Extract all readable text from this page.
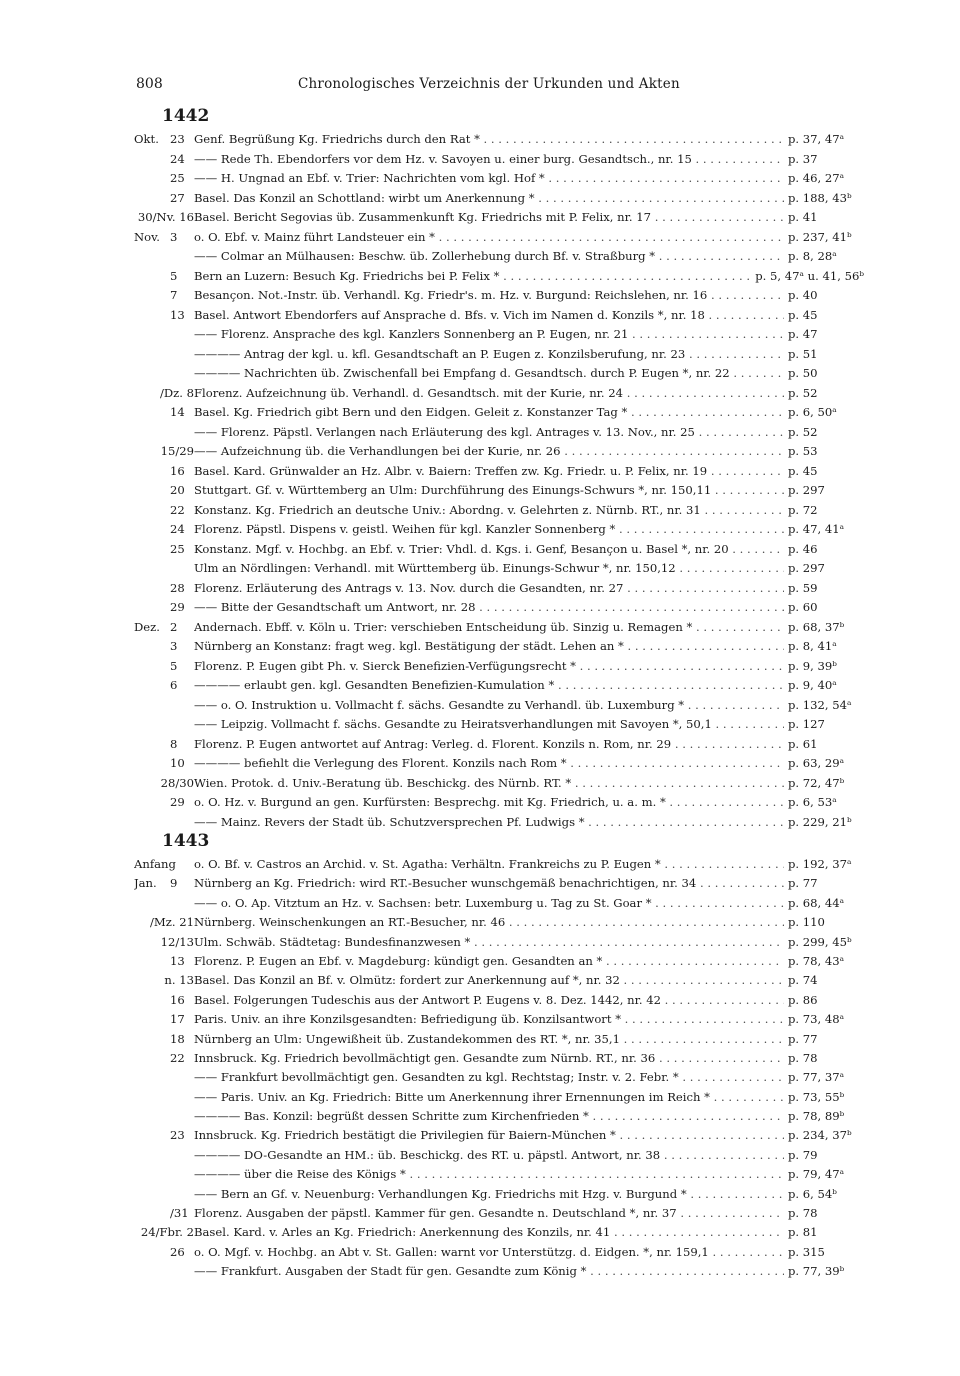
808	Chronologisches Verzeichnis der Urkunden und Akten
1442
Okt. 23 Genf. Begrüßung Kg. Friedrichs durch den Rat * . . .	p. 37, 47ᵃ
24 —— Rede Th. Ebendorfers vor dem Hz. v. Savoyen u. einer burg. Gesandtsch., nr. 15 . . .	p. 37
25 —— H. Ungnad an Ebf. v. Trier: Nachrichten vom kgl. Hof * . . .	p. 46, 27ᵃ
27 Basel. Das Konzil an Schottland: wirbt um Anerkennung * . . .	p. 188, 43ᵇ
30/Nv. 16 Basel. Bericht Segovias üb. Zusammenkunft Kg. Friedrichs mit P. Felix, nr. 17 . . .	p. 41
Nov. 3 o. O. Ebf. v. Mainz führt Landsteuer ein * . . .	p. 237, 41ᵇ
—— Colmar an Mülhausen: Beschw. üb. Zollerhebung durch Bf. v. Straßburg * . . .	p. 8, 28ᵃ
5 Bern an Luzern: Besuch Kg. Friedrichs bei P. Felix * . . .	p. 5, 47ᵃ u. 41, 56ᵇ
7 Besançon. Not.-Instr. üb. Verhandl. Kg. Friedr's. m. Hz. v. Burgund: Reichslehen, nr. 16 . . .	p. 40
13 Basel. Antwort Ebendorfers auf Ansprache d. Bfs. v. Vich im Namen d. Konzils *, nr. 18 . . .	p. 45
—— Florenz. Ansprache des kgl. Kanzlers Sonnenberg an P. Eugen, nr. 21 . . .	p. 47
———— Antrag der kgl. u. kfl. Gesandtschaft an P. Eugen z. Konzilsberufung, nr. 23 . . .	p. 51
———— Nachrichten üb. Zwischenfall bei Empfang d. Gesandtsch. durch P. Eugen *, nr. 22 . . .	p. 50
/Dz. 8 Florenz. Aufzeichnung üb. Verhandl. d. Gesandtsch. mit der Kurie, nr. 24 . . .	p. 52
14 Basel. Kg. Friedrich gibt Bern und den Eidgen. Geleit z. Konstanzer Tag * . . .	p. 6, 50ᵃ
—— Florenz. Päpstl. Verlangen nach Erläuterung des kgl. Antrages v. 13. Nov., nr. 25 . . .	p. 52
15/29 —— Aufzeichnung üb. die Verhandlungen bei der Kurie, nr. 26 . . .	p. 53
16 Basel. Kard. Grünwalder an Hz. Albr. v. Baiern: Treffen zw. Kg. Friedr. u. P. Felix, nr. 19 . . .	p. 45
20 Stuttgart. Gf. v. Württemberg an Ulm: Durchführung des Einungs-Schwurs *, nr. 150,11 . . .	p. 297
22 Konstanz. Kg. Friedrich an deutsche Univ.: Abordng. v. Gelehrten z. Nürnb. RT., nr. 31 . . .	p. 72
24 Florenz. Päpstl. Dispens v. geistl. Weihen für kgl. Kanzler Sonnenberg * . . .	p. 47, 41ᵃ
25 Konstanz. Mgf. v. Hochbg. an Ebf. v. Trier: Vhdl. d. Kgs. i. Genf, Besançon u. Basel *, nr. 20 . . .	p. 46
Ulm an Nördlingen: Verhandl. mit Württemberg üb. Einungs-Schwur *, nr. 150,12 . . .	p. 297
28 Florenz. Erläuterung des Antrags v. 13. Nov. durch die Gesandten, nr. 27 . . .	p. 59
29 —— Bitte der Gesandtschaft um Antwort, nr. 28 . . .	p. 60
Dez. 2 Andernach. Ebff. v. Köln u. Trier: verschieben Entscheidung üb. Sinzig u. Remagen * . . .	p. 68, 37ᵇ
3 Nürnberg an Konstanz: fragt weg. kgl. Bestätigung der städt. Lehen an * . . .	p. 8, 41ᵃ
5 Florenz. P. Eugen gibt Ph. v. Sierck Benefizien-Verfügungsrecht * . . .	p. 9, 39ᵇ
6 ———— erlaubt gen. kgl. Gesandten Benefizien-Kumulation * . . .	p. 9, 40ᵃ
—— o. O. Instruktion u. Vollmacht f. sächs. Gesandte zu Verhandl. üb. Luxemburg * . . .	p. 132, 54ᵃ
—— Leipzig. Vollmacht f. sächs. Gesandte zu Heiratsverhandlungen mit Savoyen *, 50,1 . . .	p. 127
8 Florenz. P. Eugen antwortet auf Antrag: Verleg. d. Florent. Konzils n. Rom, nr. 29 . . .	p. 61
10 ———— befiehlt die Verlegung des Florent. Konzils nach Rom * . . .	p. 63, 29ᵃ
28/30 Wien. Protok. d. Univ.-Beratung üb. Beschickg. des Nürnb. RT. * . . .	p. 72, 47ᵇ
29 o. O. Hz. v. Burgund an gen. Kurfürsten: Besprechg. mit Kg. Friedrich, u. a. m. * . . .	p. 6, 53ᵃ
—— Mainz. Revers der Stadt üb. Schutzversprechen Pf. Ludwigs * . . .	p. 229, 21ᵇ
1443
Anfang o. O. Bf. v. Castros an Archid. v. St. Agatha: Verhältn. Frankreichs zu P. Eugen * . . .	p. 192, 37ᵃ
Jan.	9 Nürnberg an Kg. Friedrich: wird RT.-Besucher wunschgemäß benachrichtigen, nr. 34 . . .	p. 77
—— o. O. Ap. Vitztum an Hz. v. Sachsen: betr. Luxemburg u. Tag zu St. Goar * . . .	p. 68, 44ᵃ
/Mz. 21 Nürnberg. Weinschenkungen an RT.-Besucher, nr. 46 . . .	p. 110
12/13 Ulm. Schwäb. Städtetag: Bundesfinanzwesen * . . .	p. 299, 45ᵇ
13 Florenz. P. Eugen an Ebf. v. Magdeburg: kündigt gen. Gesandten an * . . .	p. 78, 43ᵃ
n. 13 Basel. Das Konzil an Bf. v. Olmütz: fordert zur Anerkennung auf *, nr. 32 . . .	p. 74
16 Basel. Folgerungen Tudeschis aus der Antwort P. Eugens v. 8. Dez. 1442, nr. 42 . . .	p. 86
17 Paris. Univ. an ihre Konzilsgesandten: Befriedigung üb. Konzilsantwort * . . .	p. 73, 48ᵃ
18 Nürnberg an Ulm: Ungewißheit üb. Zustandekommen des RT. *, nr. 35,1 . . .	p. 77
22 Innsbruck. Kg. Friedrich bevollmächtigt gen. Gesandte zum Nürnb. RT., nr. 36 . . .	p. 78
—— Frankfurt bevollmächtigt gen. Gesandten zu kgl. Rechtstag; Instr. v. 2. Febr. * . . .	p. 77, 37ᵃ
—— Paris. Univ. an Kg. Friedrich: Bitte um Anerkennung ihrer Ernennungen im Reich * . . .	p. 73, 55ᵇ
———— Bas. Konzil: begrüßt dessen Schritte zum Kirchenfrieden * . . .	p. 78, 89ᵇ
23 Innsbruck. Kg. Friedrich bestätigt die Privilegien für Baiern-München * . . .	p. 234, 37ᵇ
———— DO-Gesandte an HM.: üb. Beschickg. des RT. u. päpstl. Antwort, nr. 38 . . .	p. 79
———— über die Reise des Königs * . . .	p. 79, 47ᵃ
—— Bern an Gf. v. Neuenburg: Verhandlungen Kg. Friedrichs mit Hzg. v. Burgund * . . .	p. 6, 54ᵇ
/31 Florenz. Ausgaben der päpstl. Kammer für gen. Gesandte n. Deutschland *, nr. 37 . . .	p. 78
24/Fbr. 2 Basel. Kard. v. Arles an Kg. Friedrich: Anerkennung des Konzils, nr. 41 . . .	p. 81
26 o. O. Mgf. v. Hochbg. an Abt v. St. Gallen: warnt vor Unterstützg. d. Eidgen. *, nr. 159,1 . . .	p. 315
—— Frankfurt. Ausgaben der Stadt für gen. Gesandte zum König * . . .	p. 77, 39ᵇ
